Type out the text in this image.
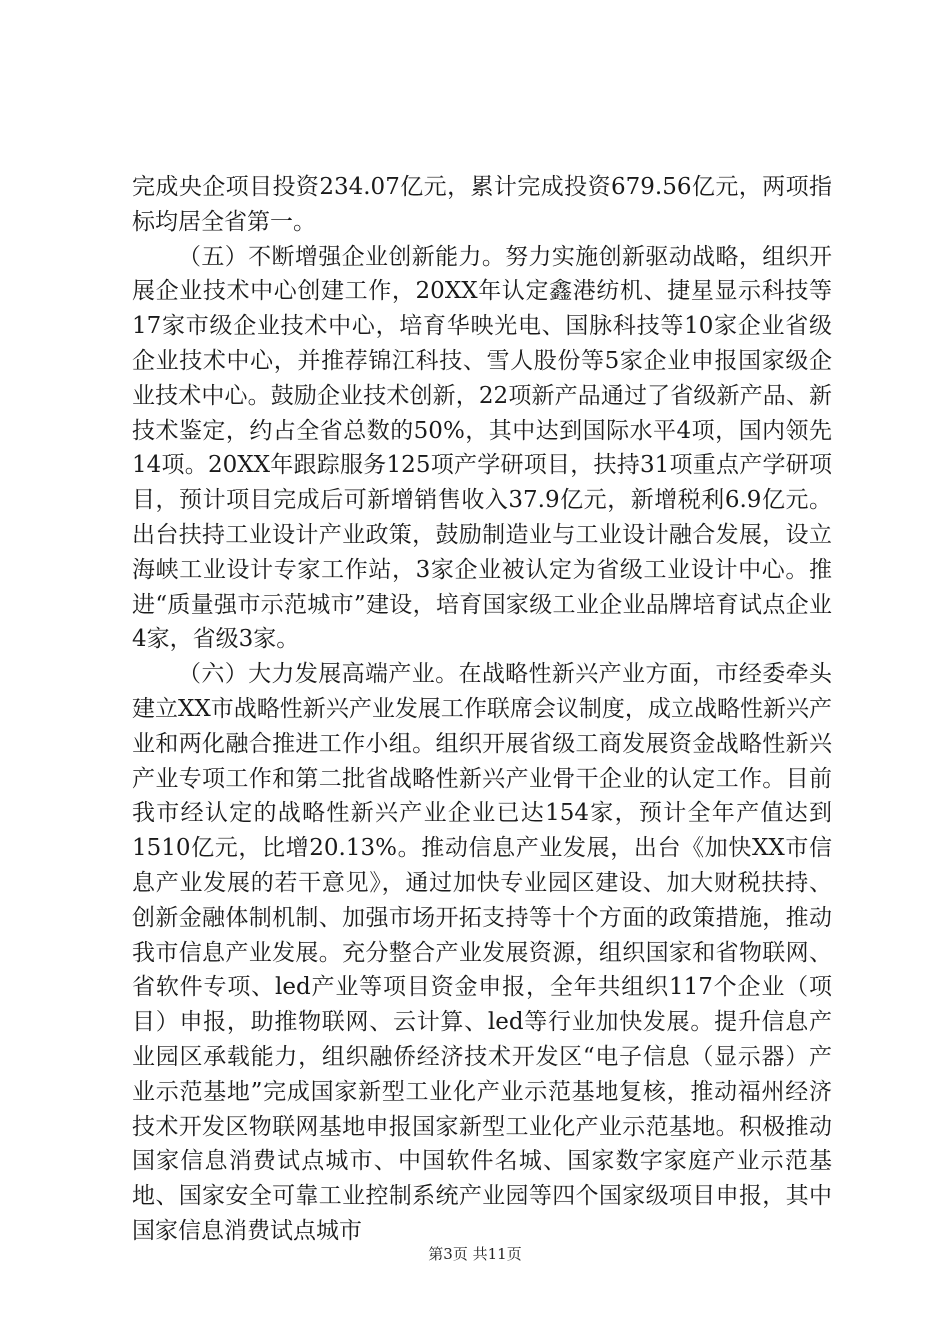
完成央企项目投资234.07亿元，累计完成投资679.56亿元，两项指标均居全省第一。

（五）不断增强企业创新能力。努力实施创新驱动战略，组织开展企业技术中心创建工作，20XX年认定鑫港纺机、捷星显示科技等17家市级企业技术中心，培育华映光电、国脉科技等10家企业省级企业技术中心，并推荐锦江科技、雪人股份等5家企业申报国家级企业技术中心。鼓励企业技术创新，22项新产品通过了省级新产品、新技术鉴定，约占全省总数的50%，其中达到国际水平4项，国内领先14项。20XX年跟踪服务125项产学研项目，扶持31项重点产学研项目，预计项目完成后可新增销售收入37.9亿元，新增税利6.9亿元。出台扶持工业设计产业政策，鼓励制造业与工业设计融合发展，设立海峡工业设计专家工作站，3家企业被认定为省级工业设计中心。推进“质量强市示范城市”建设，培育国家级工业企业品牌培育试点企业4家，省级3家。

（六）大力发展高端产业。在战略性新兴产业方面，市经委牵头建立XX市战略性新兴产业发展工作联席会议制度，成立战略性新兴产业和两化融合推进工作小组。组织开展省级工商发展资金战略性新兴产业专项工作和第二批省战略性新兴产业骨干企业的认定工作。目前我市经认定的战略性新兴产业企业已达154家，预计全年产值达到1510亿元，比增20.13%。推动信息产业发展，出台《加快XX市信息产业发展的若干意见》，通过加快专业园区建设、加大财税扶持、创新金融体制机制、加强市场开拓支持等十个方面的政策措施，推动我市信息产业发展。充分整合产业发展资源，组织国家和省物联网、省软件专项、led产业等项目资金申报，全年共组织117个企业（项目）申报，助推物联网、云计算、led等行业加快发展。提升信息产业园区承载能力，组织融侨经济技术开发区“电子信息（显示器）产业示范基地”完成国家新型工业化产业示范基地复核，推动福州经济技术开发区物联网基地申报国家新型工业化产业示范基地。积极推动国家信息消费试点城市、中国软件名城、国家数字家庭产业示范基地、国家安全可靠工业控制系统产业园等四个国家级项目申报，其中国家信息消费试点城市

第3页 共11页
